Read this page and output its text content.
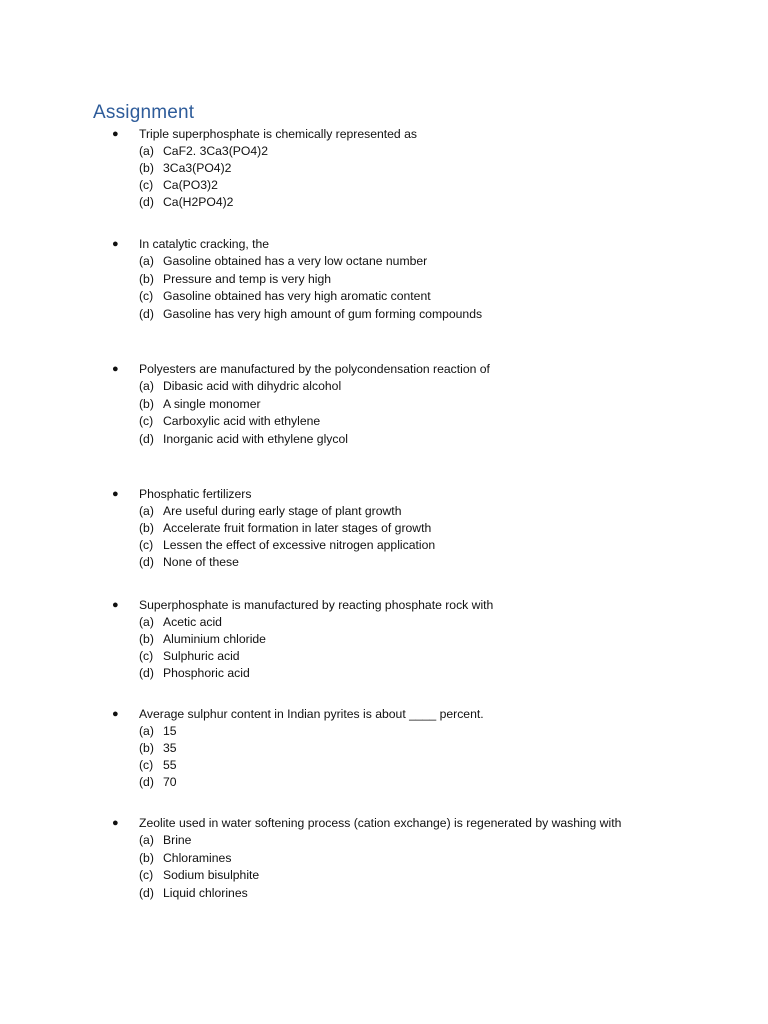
Assignment
●	Triple superphosphate is chemically represented as
(a) CaF2. 3Ca3(PO4)2
(b) 3Ca3(PO4)2
(c) Ca(PO3)2
(d) Ca(H2PO4)2
●	In catalytic cracking, the
(a) Gasoline obtained has a very low octane number
(b) Pressure and temp is very high
(c) Gasoline obtained has very high aromatic content
(d) Gasoline has very high amount of gum forming compounds
●	Polyesters are manufactured by the polycondensation reaction of
(a) Dibasic acid with dihydric alcohol
(b) A single monomer
(c) Carboxylic acid with ethylene
(d) Inorganic acid with ethylene glycol
●	Phosphatic fertilizers
(a) Are useful during early stage of plant growth
(b) Accelerate fruit formation in later stages of growth
(c) Lessen the effect of excessive nitrogen application
(d) None of these
●	Superphosphate is manufactured by reacting phosphate rock with
(a) Acetic acid
(b) Aluminium chloride
(c) Sulphuric acid
(d) Phosphoric acid
●	Average sulphur content in Indian pyrites is about ____ percent.
(a) 15
(b) 35
(c) 55
(d) 70
●	Zeolite used in water softening process (cation exchange) is regenerated by washing with
(a) Brine
(b) Chloramines
(c) Sodium bisulphite
(d) Liquid chlorines
